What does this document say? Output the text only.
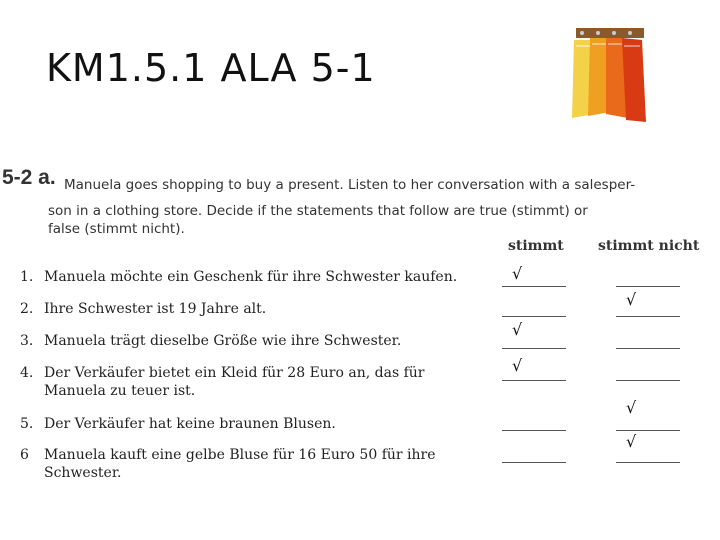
KM1.5.1 ALA 5-1
5-2 a. Manuela goes shopping to buy a present. Listen to her conversation with a salesper-
son in a clothing store. Decide if the statements that follow are true (stimmt) or
false (stimmt nicht).
stimmt stimmt nicht
1. Manuela möchte ein Geschenk für ihre Schwester kaufen.	√
2. Ihre Schwester ist 19 Jahre alt.	√
3. Manuela trägt dieselbe Größe wie ihre Schwester.
√
4. Der Verkäufer bietet ein Kleid für 28 Euro an, das für Manuela zu teuer ist.
√
5. Der Verkäufer hat keine braunen Blusen.
√
6 Manuela kauft eine gelbe Bluse für 16 Euro 50 für ihre Schwester.
√
